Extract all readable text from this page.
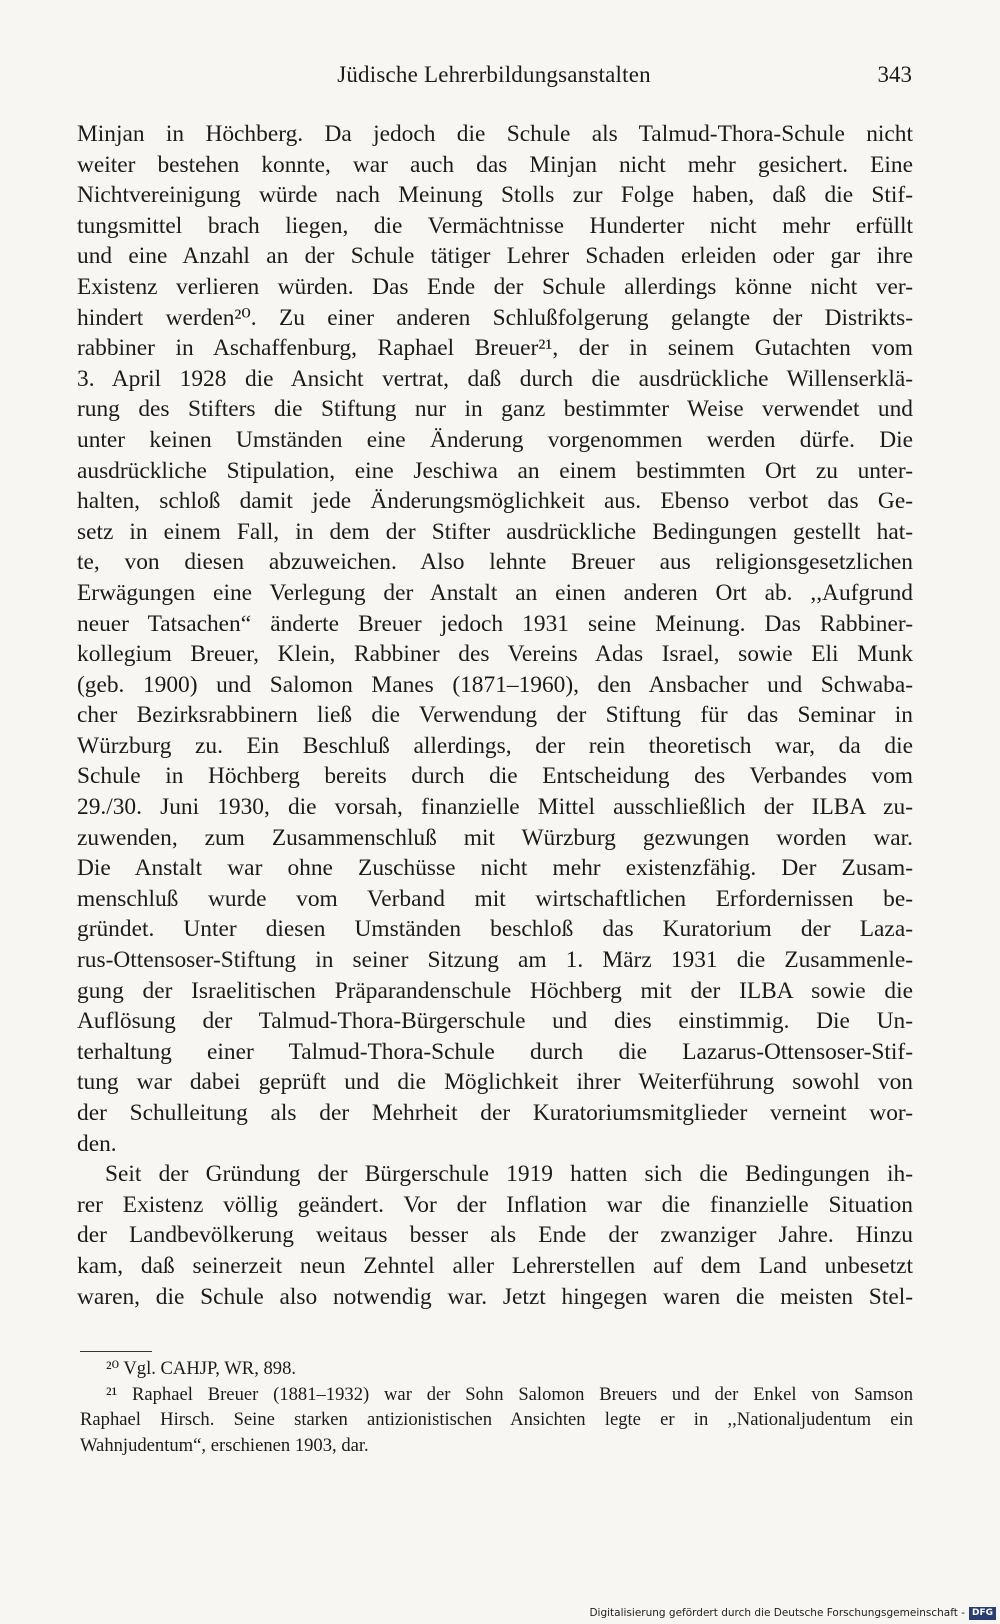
Jüdische Lehrerbildungsanstalten	343
Minjan in Höchberg. Da jedoch die Schule als Talmud-Thora-Schule nicht
weiter bestehen konnte, war auch das Minjan nicht mehr gesichert. Eine
Nichtvereinigung würde nach Meinung Stolls zur Folge haben, daß die Stif-
tungsmittel brach liegen, die Vermächtnisse Hunderter nicht mehr erfüllt
und eine Anzahl an der Schule tätiger Lehrer Schaden erleiden oder gar ihre
Existenz verlieren würden. Das Ende der Schule allerdings könne nicht ver-
hindert werden²⁰. Zu einer anderen Schlußfolgerung gelangte der Distrikts-
rabbiner in Aschaffenburg, Raphael Breuer²¹, der in seinem Gutachten vom
3. April 1928 die Ansicht vertrat, daß durch die ausdrückliche Willenserklä-
rung des Stifters die Stiftung nur in ganz bestimmter Weise verwendet und
unter keinen Umständen eine Änderung vorgenommen werden dürfe. Die
ausdrückliche Stipulation, eine Jeschiwa an einem bestimmten Ort zu unter-
halten, schloß damit jede Änderungsmöglichkeit aus. Ebenso verbot das Ge-
setz in einem Fall, in dem der Stifter ausdrückliche Bedingungen gestellt hat-
te, von diesen abzuweichen. Also lehnte Breuer aus religionsgesetzlichen
Erwägungen eine Verlegung der Anstalt an einen anderen Ort ab. ,,Aufgrund
neuer Tatsachen“ änderte Breuer jedoch 1931 seine Meinung. Das Rabbiner-
kollegium Breuer, Klein, Rabbiner des Vereins Adas Israel, sowie Eli Munk
(geb. 1900) und Salomon Manes (1871–1960), den Ansbacher und Schwaba-
cher Bezirksrabbinern ließ die Verwendung der Stiftung für das Seminar in
Würzburg zu. Ein Beschluß allerdings, der rein theoretisch war, da die
Schule in Höchberg bereits durch die Entscheidung des Verbandes vom
29./30. Juni 1930, die vorsah, finanzielle Mittel ausschließlich der ILBA zu-
zuwenden, zum Zusammenschluß mit Würzburg gezwungen worden war.
Die Anstalt war ohne Zuschüsse nicht mehr existenzfähig. Der Zusam-
menschluß wurde vom Verband mit wirtschaftlichen Erfordernissen be-
gründet. Unter diesen Umständen beschloß das Kuratorium der Laza-
rus-Ottensoser-Stiftung in seiner Sitzung am 1. März 1931 die Zusammenle-
gung der Israelitischen Präparandenschule Höchberg mit der ILBA sowie die
Auflösung der Talmud-Thora-Bürgerschule und dies einstimmig. Die Un-
terhaltung einer Talmud-Thora-Schule durch die Lazarus-Ottensoser-Stif-
tung war dabei geprüft und die Möglichkeit ihrer Weiterführung sowohl von
der Schulleitung als der Mehrheit der Kuratoriumsmitglieder verneint wor-
den.
Seit der Gründung der Bürgerschule 1919 hatten sich die Bedingungen ih-
rer Existenz völlig geändert. Vor der Inflation war die finanzielle Situation
der Landbevölkerung weitaus besser als Ende der zwanziger Jahre. Hinzu
kam, daß seinerzeit neun Zehntel aller Lehrerstellen auf dem Land unbesetzt
waren, die Schule also notwendig war. Jetzt hingegen waren die meisten Stel-
²⁰ Vgl. CAHJP, WR, 898.
²¹ Raphael Breuer (1881–1932) war der Sohn Salomon Breuers und der Enkel von Samson
Raphael Hirsch. Seine starken antizionistischen Ansichten legte er in ,,Nationaljudentum ein
Wahnjudentum“, erschienen 1903, dar.
Digitalisierung gefördert durch die Deutsche Forschungsgemeinschaft - DFG
